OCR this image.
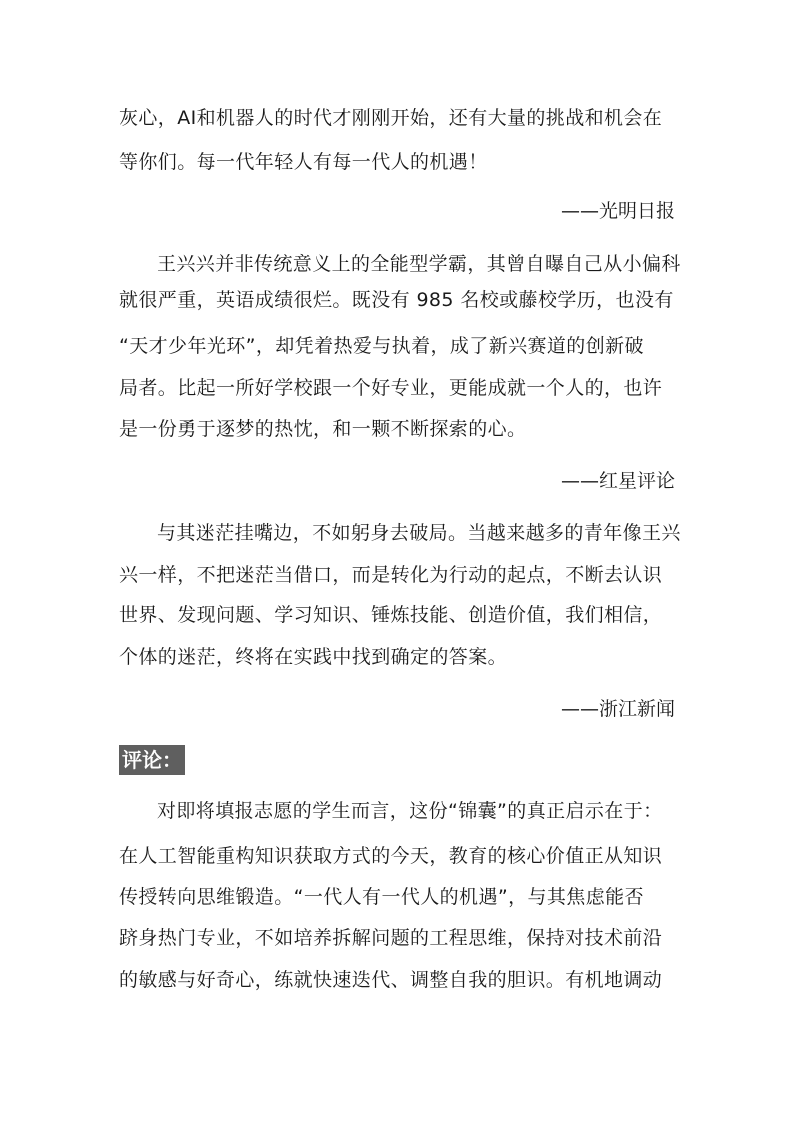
灰心，AI和机器人的时代才刚刚开始，还有大量的挑战和机会在
等你们。每一代年轻人有每一代人的机遇！
——光明日报
王兴兴并非传统意义上的全能型学霸，其曾自曝自己从小偏科
就很严重，英语成绩很烂。既没有 985 名校或藤校学历，也没有
“天才少年光环”，却凭着热爱与执着，成了新兴赛道的创新破
局者。比起一所好学校跟一个好专业，更能成就一个人的，也许
是一份勇于逐梦的热忱，和一颗不断探索的心。
——红星评论
与其迷茫挂嘴边，不如躬身去破局。当越来越多的青年像王兴
兴一样，不把迷茫当借口，而是转化为行动的起点，不断去认识
世界、发现问题、学习知识、锤炼技能、创造价值，我们相信，
个体的迷茫，终将在实践中找到确定的答案。
——浙江新闻
评论：
对即将填报志愿的学生而言，这份“锦囊”的真正启示在于：
在人工智能重构知识获取方式的今天，教育的核心价值正从知识
传授转向思维锻造。“一代人有一代人的机遇”，与其焦虑能否
跻身热门专业，不如培养拆解问题的工程思维，保持对技术前沿
的敏感与好奇心，练就快速迭代、调整自我的胆识。有机地调动
